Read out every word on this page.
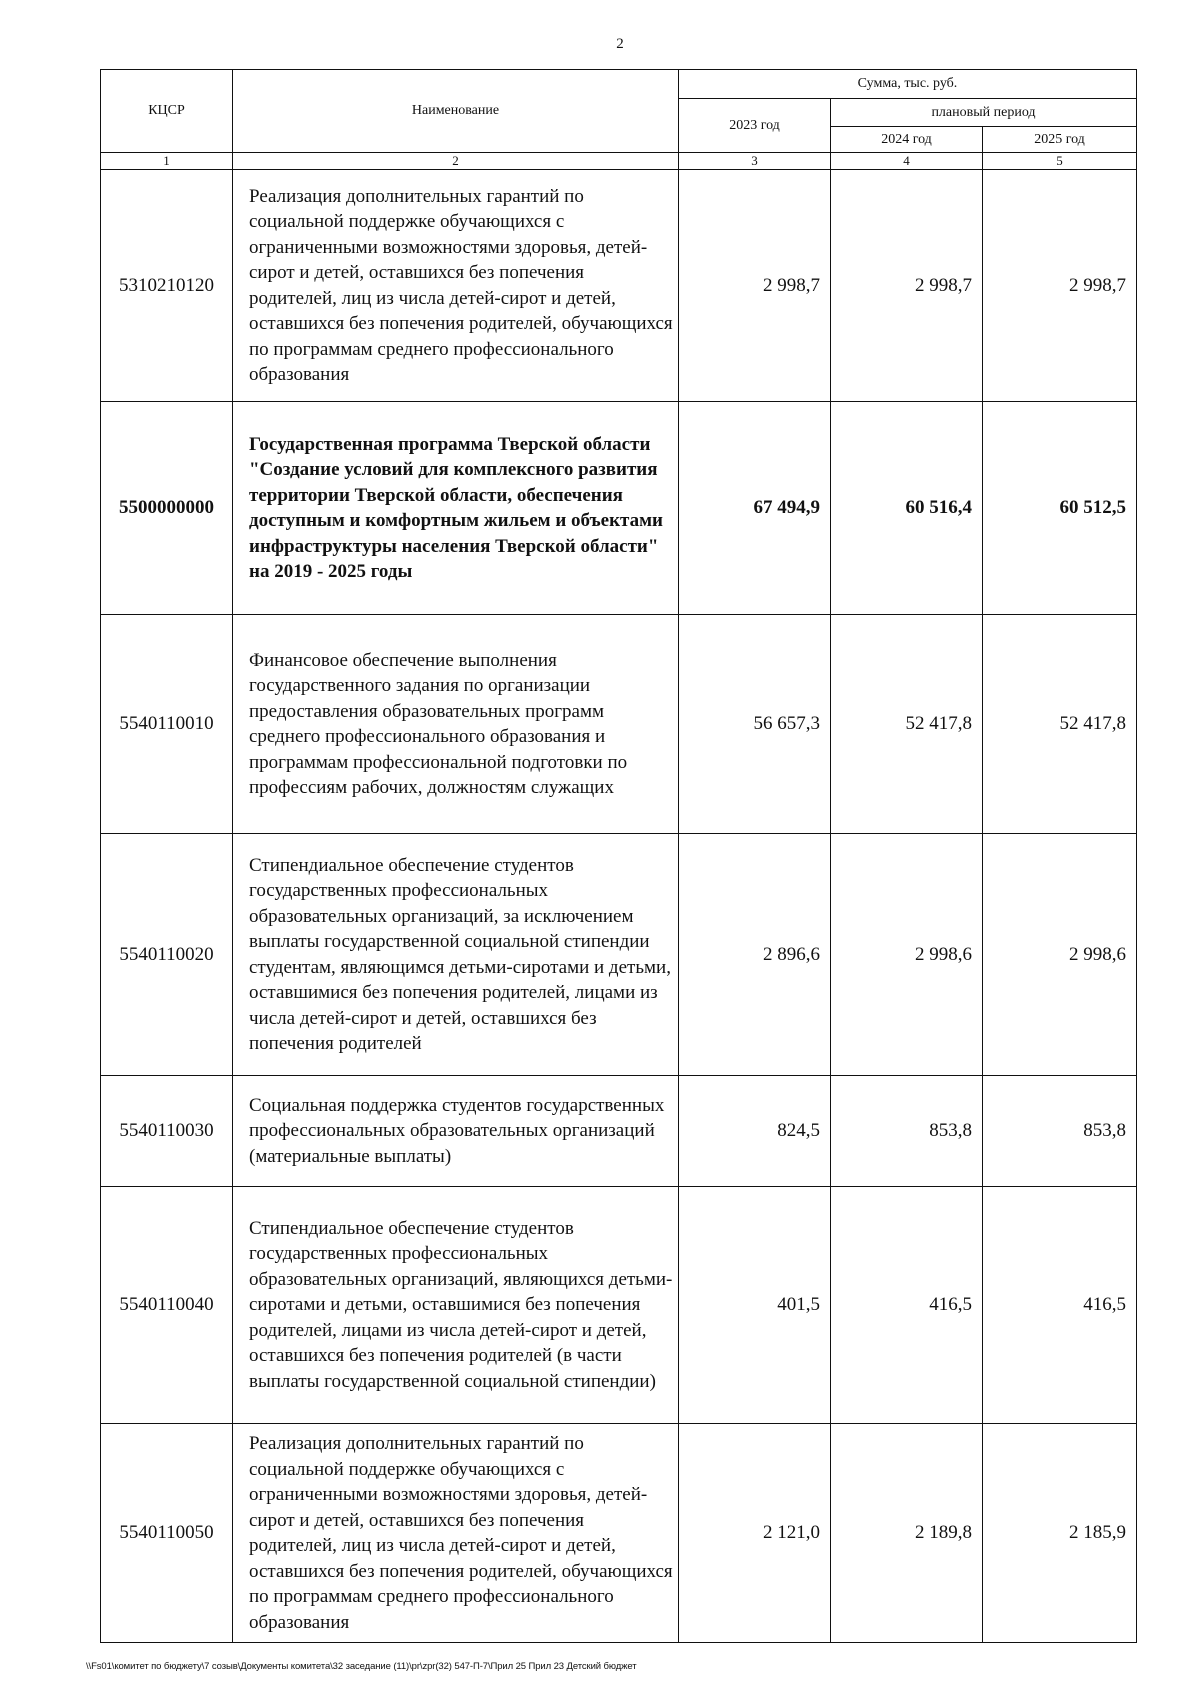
2
КЦСР	Наименование	Сумма, тыс. руб.		
		2023 год	плановый период	
			2024 год	2025 год
1	2	3	4	5
5310210120	Реализация дополнительных гарантий по социальной поддержке обучающихся с ограниченными возможностями здоровья, детей-сирот и детей, оставшихся без попечения родителей, лиц из числа детей-сирот и детей, оставшихся без попечения родителей, обучающихся по программам среднего профессионального образования	2 998,7	2 998,7	2 998,7
5500000000	Государственная программа Тверской области "Создание условий для комплексного развития территории Тверской области, обеспечения доступным и комфортным жильем и объектами инфраструктуры населения Тверской области" на 2019 - 2025 годы	67 494,9	60 516,4	60 512,5
5540110010	Финансовое обеспечение выполнения государственного задания по организации предоставления образовательных программ среднего профессионального образования и программам профессиональной подготовки по профессиям рабочих, должностям служащих	56 657,3	52 417,8	52 417,8
5540110020	Стипендиальное обеспечение студентов государственных профессиональных образовательных организаций, за исключением выплаты государственной социальной стипендии студентам, являющимся детьми-сиротами и детьми, оставшимися без попечения родителей, лицами из числа детей-сирот и детей, оставшихся без попечения родителей	2 896,6	2 998,6	2 998,6
5540110030	Социальная поддержка студентов государственных профессиональных образовательных организаций (материальные выплаты)	824,5	853,8	853,8
5540110040	Стипендиальное обеспечение студентов государственных профессиональных образовательных организаций, являющихся детьми-сиротами и детьми, оставшимися без попечения родителей, лицами из числа детей-сирот и детей, оставшихся без попечения родителей (в части выплаты государственной социальной стипендии)	401,5	416,5	416,5
5540110050	Реализация дополнительных гарантий по социальной поддержке обучающихся с ограниченными возможностями здоровья, детей-сирот и детей, оставшихся без попечения родителей, лиц из числа детей-сирот и детей, оставшихся без попечения родителей, обучающихся по программам среднего профессионального образования	2 121,0	2 189,8	2 185,9
\\Fs01\комитет по бюджету\7 созыв\Документы комитета\32 заседание (11)\pr\zpr(32) 547-П-7\Прил 25 Прил 23 Детский бюджет
